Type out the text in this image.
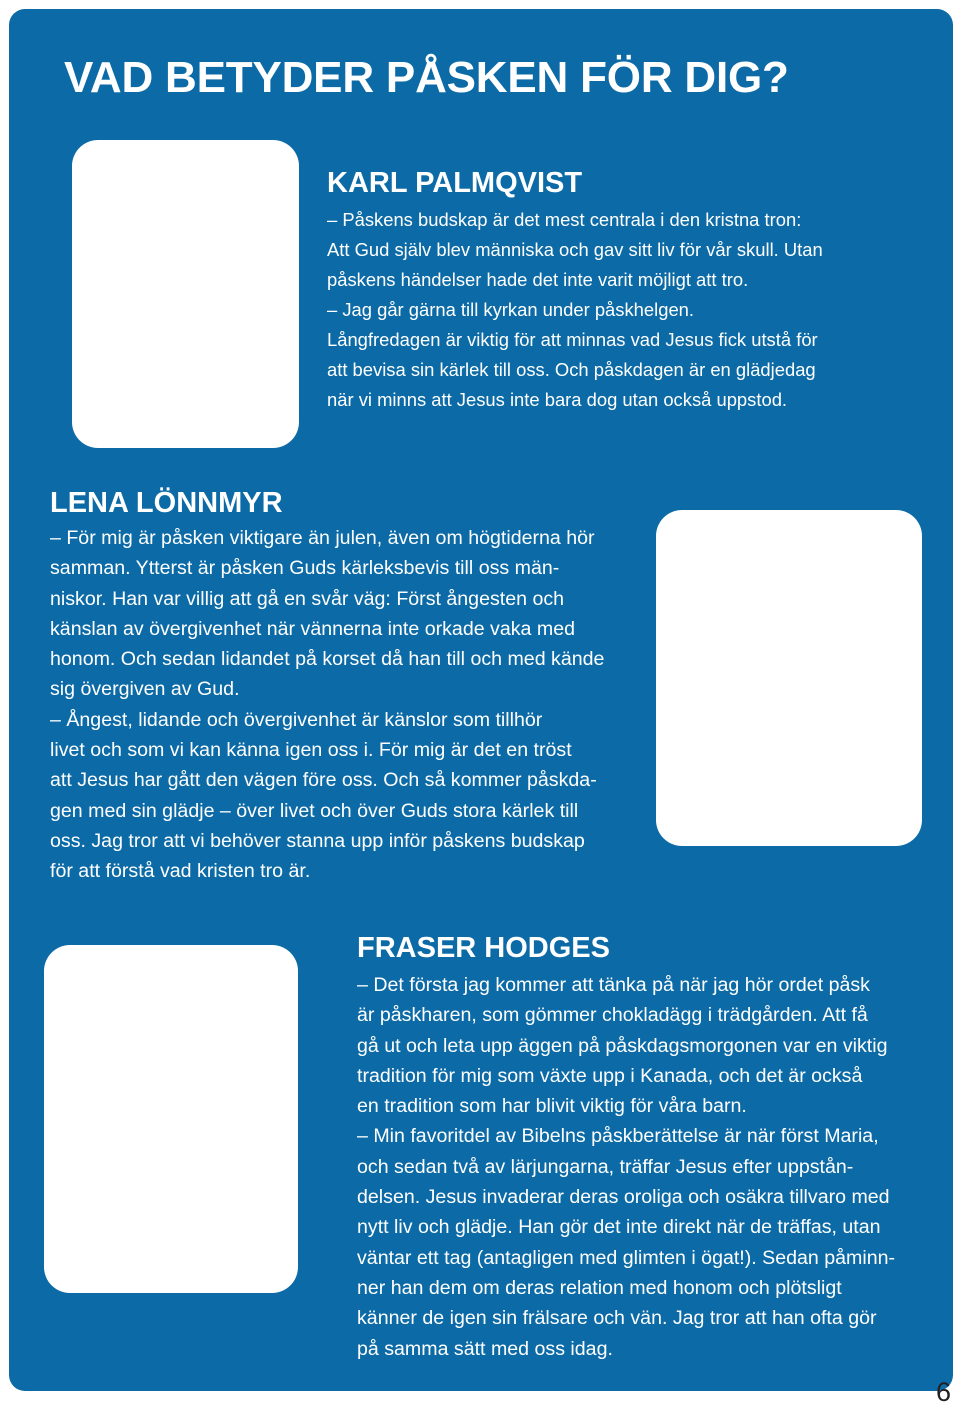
VAD BETYDER PÅSKEN FÖR DIG?
KARL PALMQVIST
– Påskens budskap är det mest centrala i den kristna tron:
Att Gud själv blev människa och gav sitt liv för vår skull. Utan
påskens händelser hade det inte varit möjligt att tro.
– Jag går gärna till kyrkan under påskhelgen.
Långfredagen är viktig för att minnas vad Jesus fick utstå för
att bevisa sin kärlek till oss. Och påskdagen är en glädjedag
när vi minns att Jesus inte bara dog utan också uppstod.
LENA LÖNNMYR
– För mig är påsken viktigare än julen, även om högtiderna hör
samman. Ytterst är påsken Guds kärleksbevis till oss män-
niskor. Han var villig att gå en svår väg: Först ångesten och
känslan av övergivenhet när vännerna inte orkade vaka med
honom. Och sedan lidandet på korset då han till och med kände
sig övergiven av Gud.
– Ångest, lidande och övergivenhet är känslor som tillhör
livet och som vi kan känna igen oss i. För mig är det en tröst
att Jesus har gått den vägen före oss. Och så kommer påskda-
gen med sin glädje – över livet och över Guds stora kärlek till
oss. Jag tror att vi behöver stanna upp inför påskens budskap
för att förstå vad kristen tro är.
FRASER HODGES
– Det första jag kommer att tänka på när jag hör ordet påsk
är påskharen, som gömmer chokladägg i trädgården. Att få
gå ut och leta upp äggen på påskdagsmorgonen var en viktig
tradition för mig som växte upp i Kanada, och det är också
en tradition som har blivit viktig för våra barn.
– Min favoritdel av Bibelns påskberättelse är när först Maria,
och sedan två av lärjungarna, träffar Jesus efter uppstån-
delsen. Jesus invaderar deras oroliga och osäkra tillvaro med
nytt liv och glädje. Han gör det inte direkt när de träffas, utan
väntar ett tag (antagligen med glimten i ögat!). Sedan påminn-
ner han dem om deras relation med honom och plötsligt
känner de igen sin frälsare och vän. Jag tror att han ofta gör
på samma sätt med oss idag.
6
